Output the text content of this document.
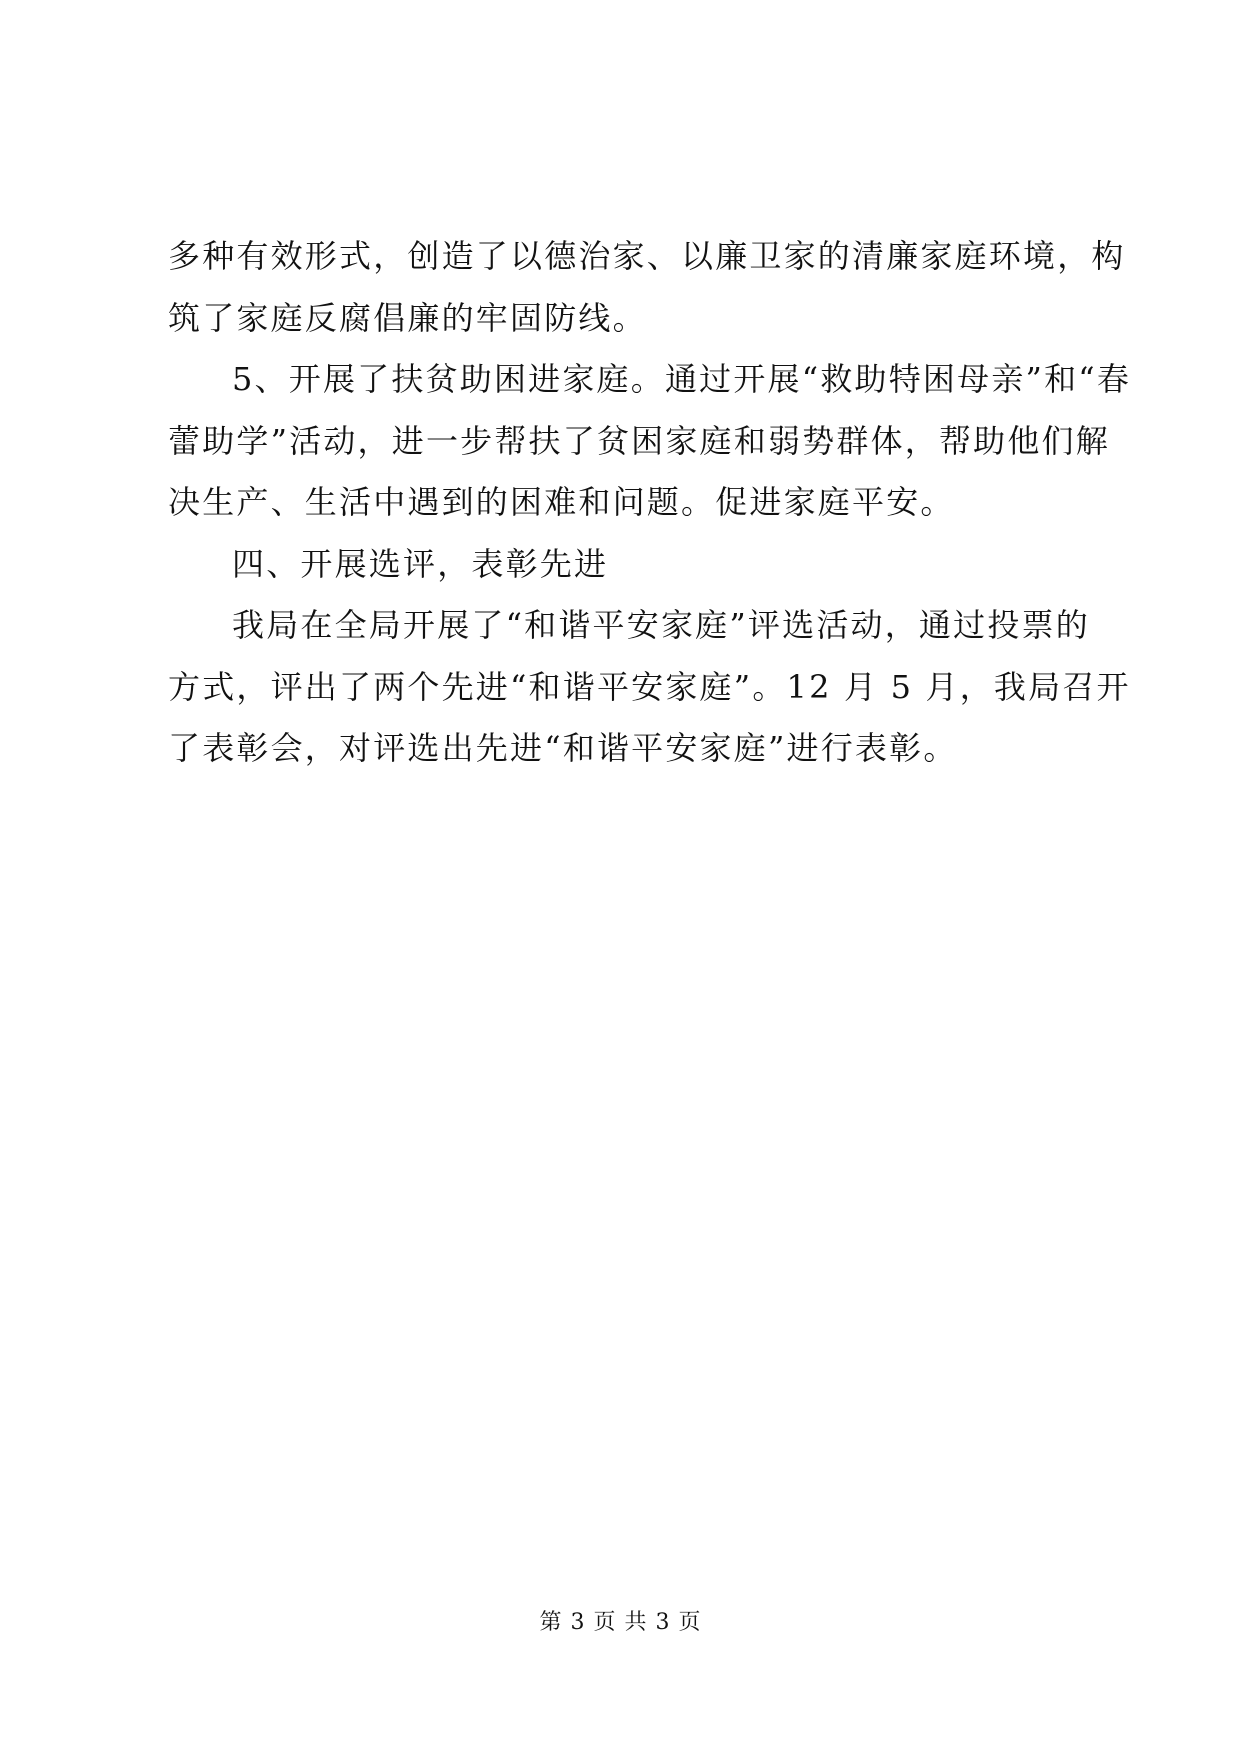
多种有效形式，创造了以德治家、以廉卫家的清廉家庭环境，构
筑了家庭反腐倡廉的牢固防线。
5、开展了扶贫助困进家庭。通过开展“救助特困母亲”和“春
蕾助学”活动，进一步帮扶了贫困家庭和弱势群体，帮助他们解
决生产、生活中遇到的困难和问题。促进家庭平安。
四、开展选评，表彰先进
我局在全局开展了“和谐平安家庭”评选活动，通过投票的
方式，评出了两个先进“和谐平安家庭”。12 月 5 月，我局召开
了表彰会，对评选出先进“和谐平安家庭”进行表彰。
第 3 页 共 3 页
